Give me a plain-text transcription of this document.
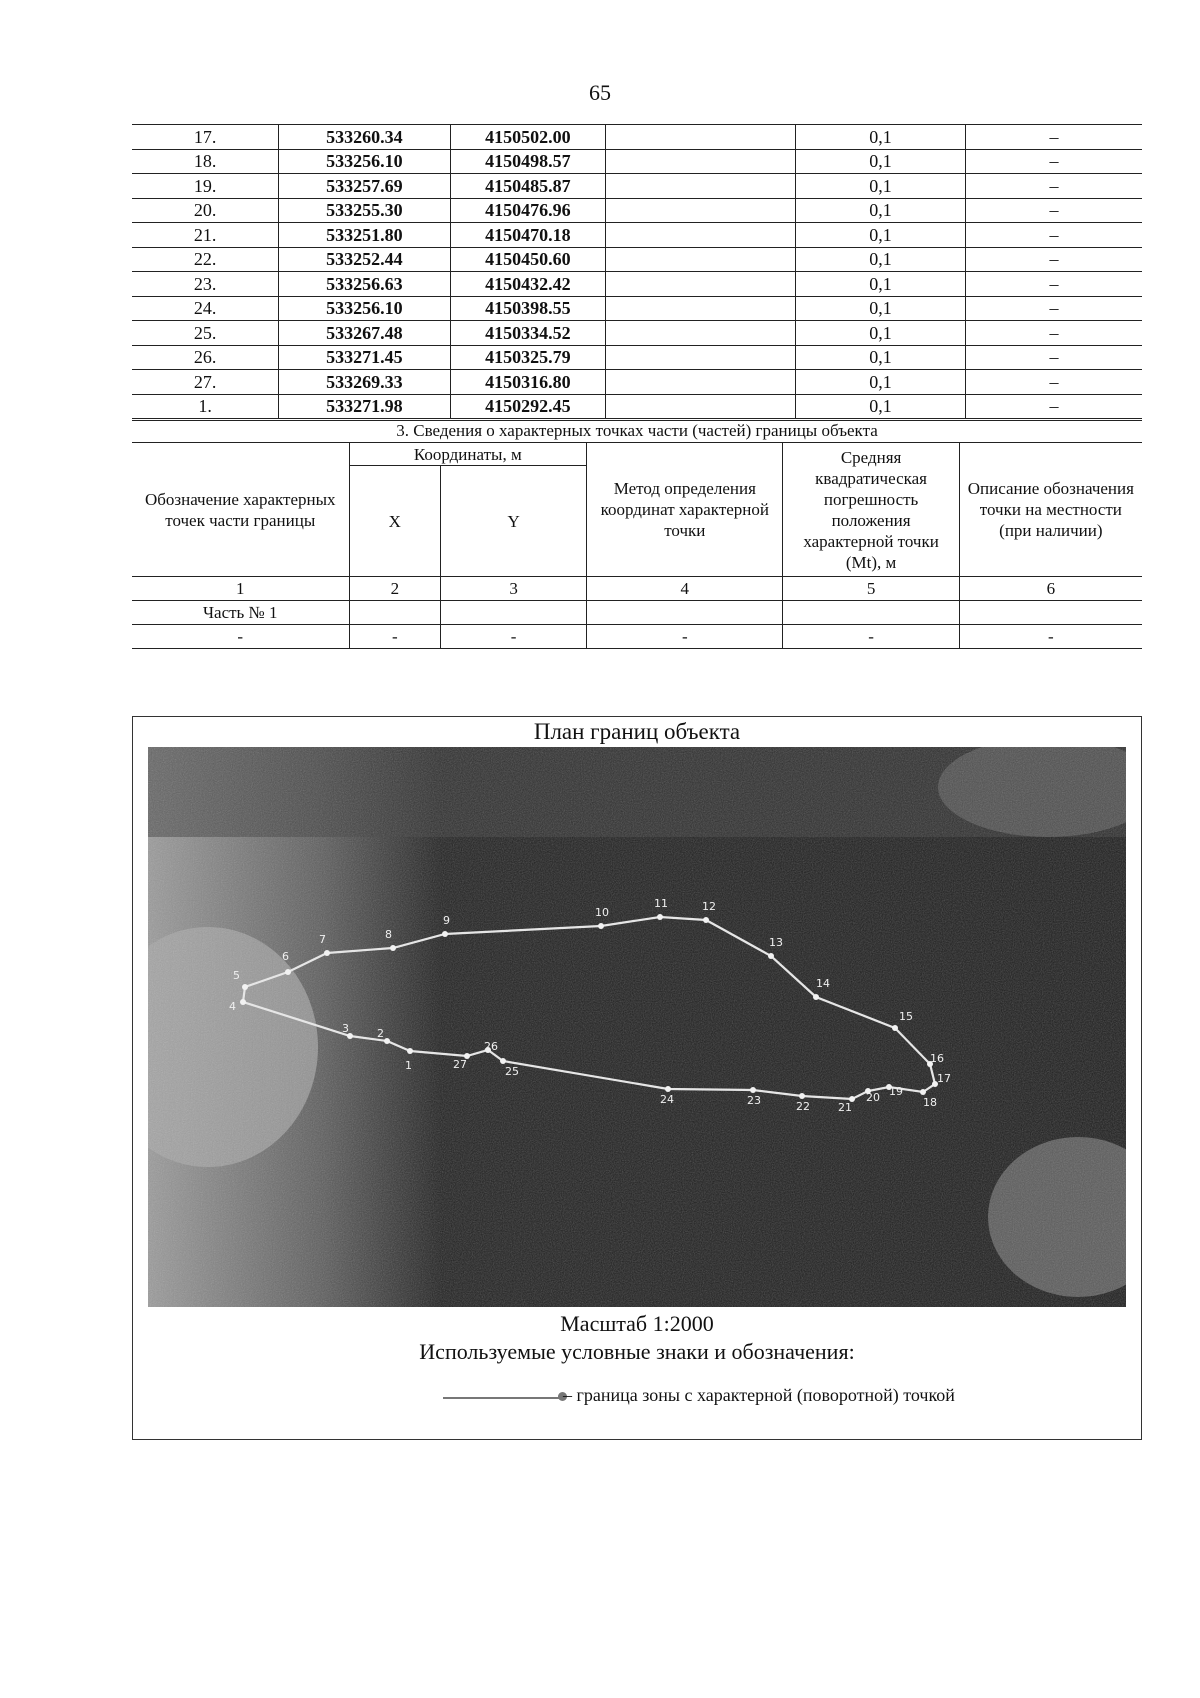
65
17.	533260.34	4150502.00		0,1	–
18.	533256.10	4150498.57		0,1	–
19.	533257.69	4150485.87		0,1	–
20.	533255.30	4150476.96		0,1	–
21.	533251.80	4150470.18		0,1	–
22.	533252.44	4150450.60		0,1	–
23.	533256.63	4150432.42		0,1	–
24.	533256.10	4150398.55		0,1	–
25.	533267.48	4150334.52		0,1	–
26.	533271.45	4150325.79		0,1	–
27.	533269.33	4150316.80		0,1	–
1.	533271.98	4150292.45		0,1	–
3. Сведения о характерных точках части (частей) границы объекта
Обозначение характерных точек части границы	Координаты, м		Метод определения координат характерной точки	Средняя квадратическая погрешность положения характерной точки (Mt), м	Описание обозначения точки на местности (при наличии)
	X	Y			
1	2	3	4	5	6
Часть № 1					
-	-	-	-	-	-
План границ объекта
1
2
3
4
5
6
7	8
9
10
11	12
13
14
15
16
17
18
19
20
21
22
23
24
25
26
27
Масштаб 1:2000
Используемые условные знаки и обозначения:
– граница зоны с характерной (поворотной) точкой
